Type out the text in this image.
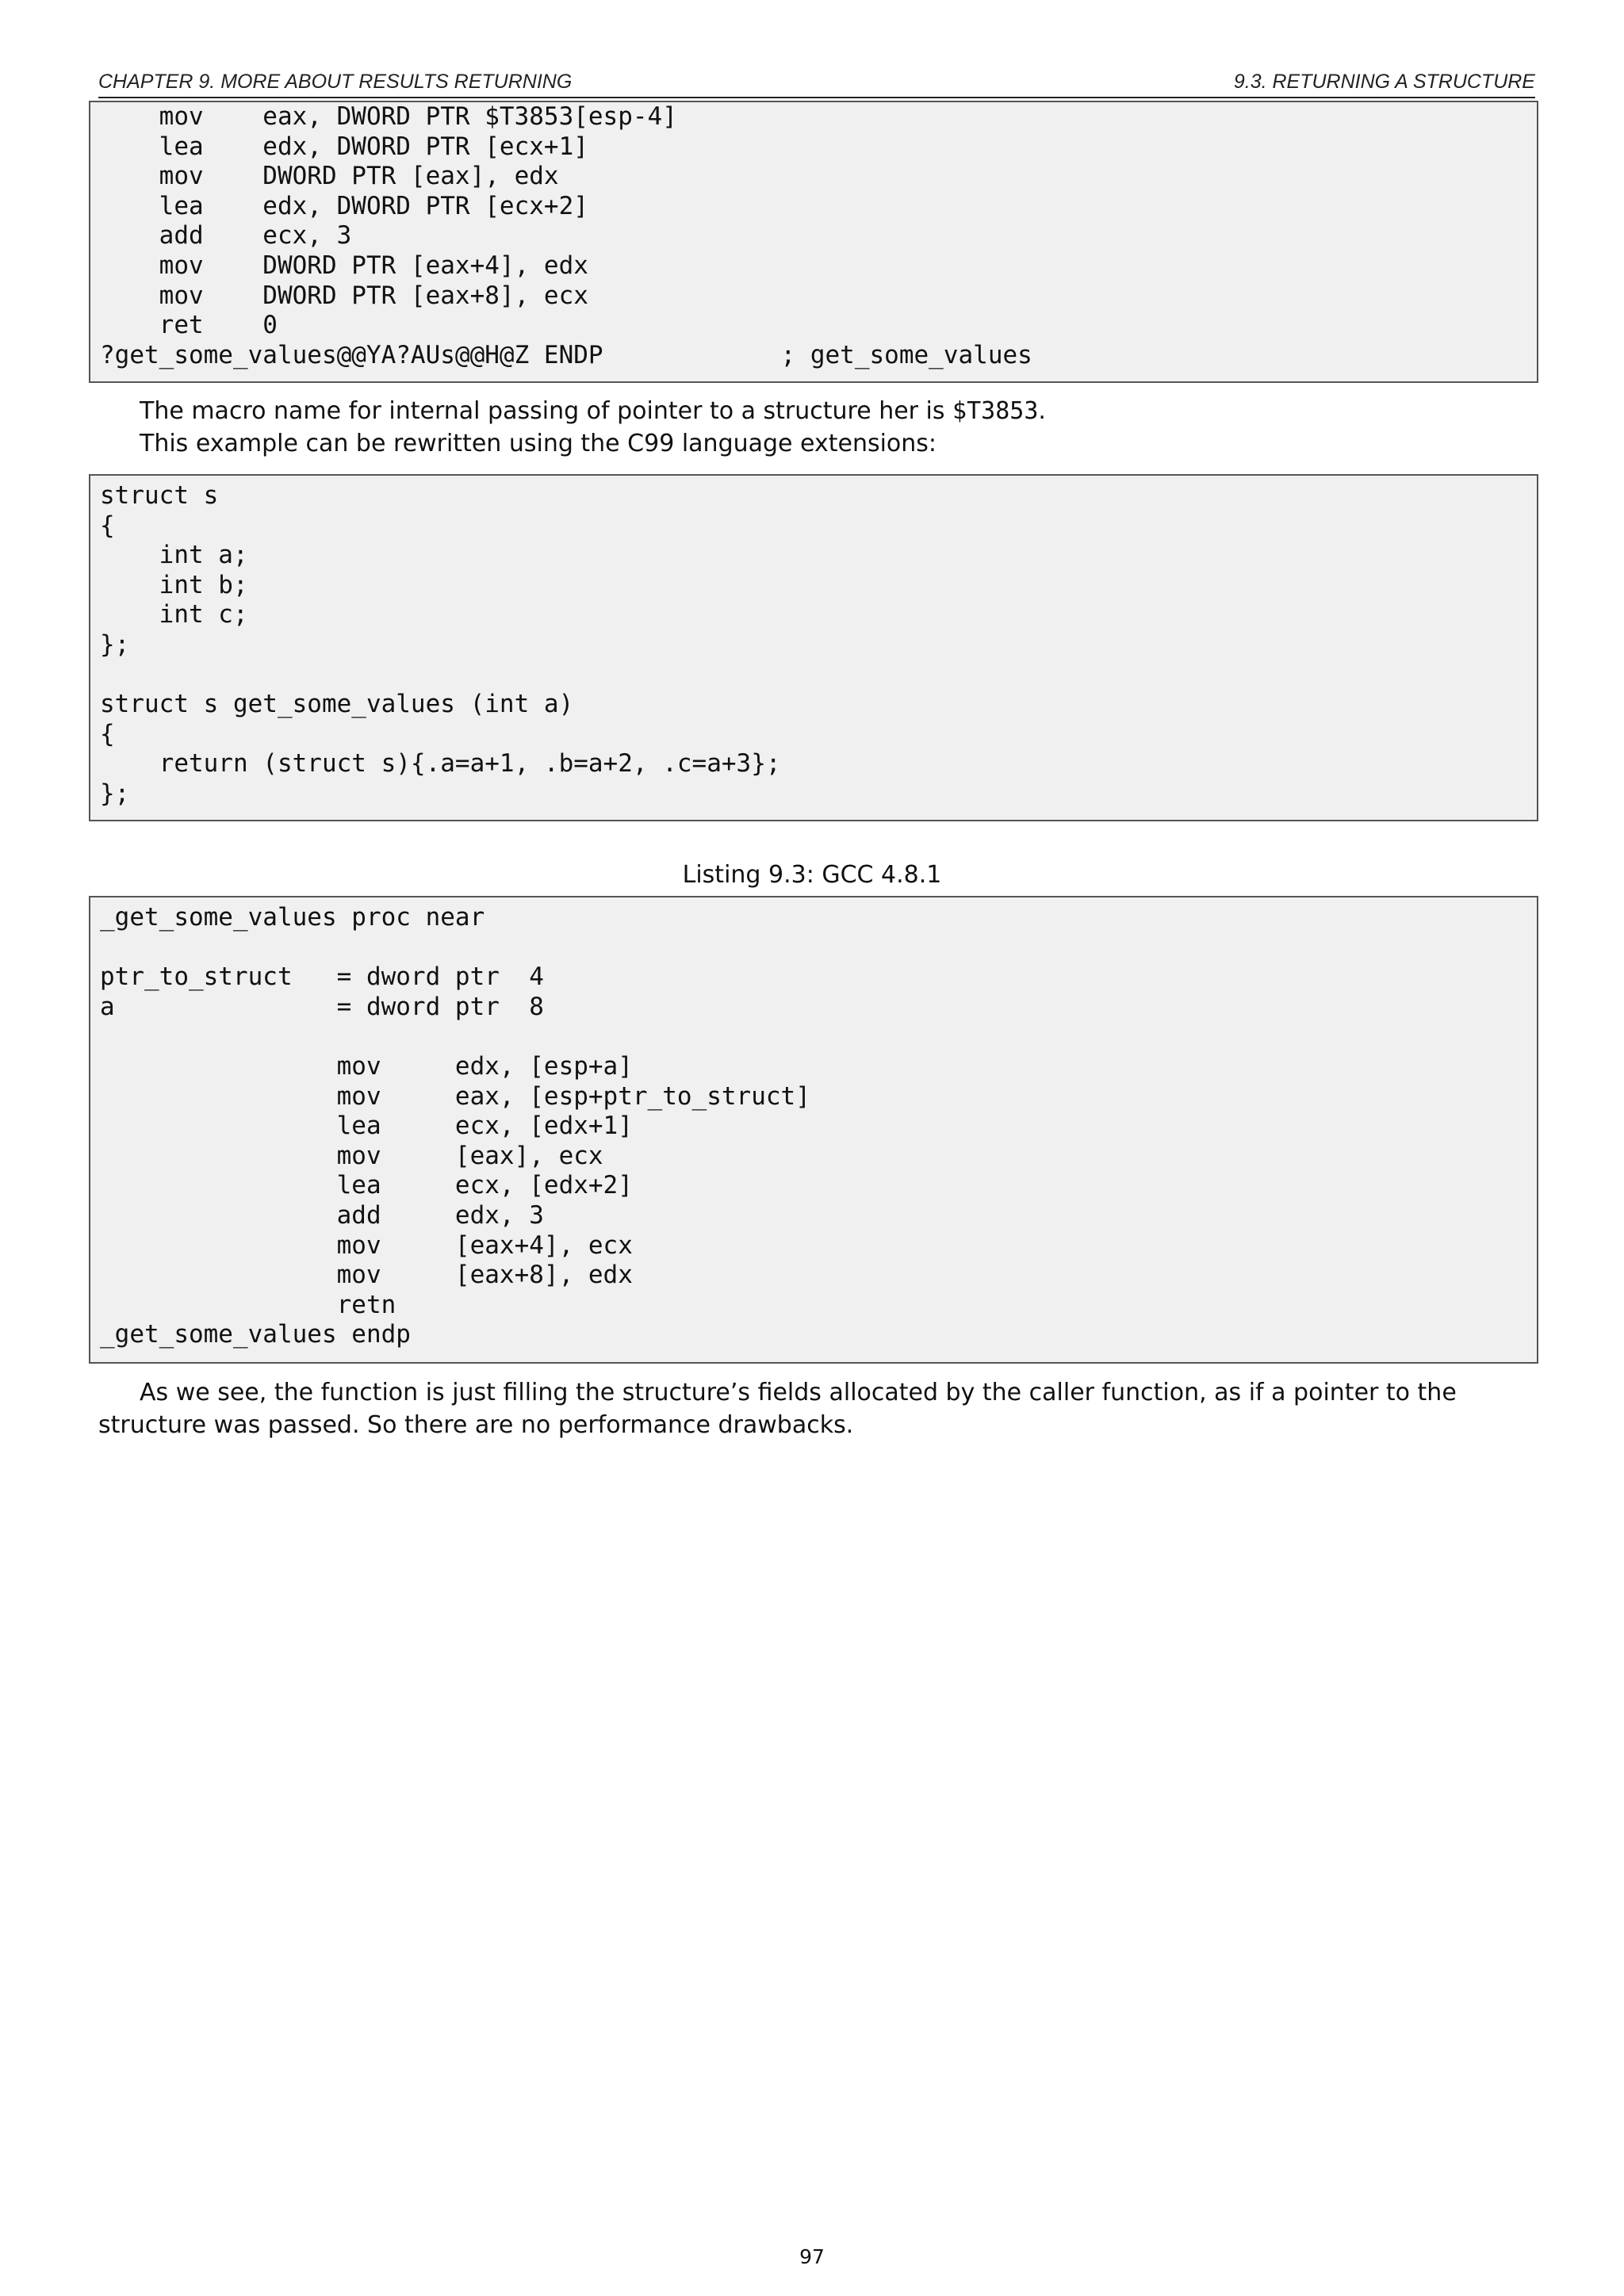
CHAPTER 9. MORE ABOUT RESULTS RETURNING	9.3. RETURNING A STRUCTURE
mov    eax, DWORD PTR $T3853[esp-4]
lea    edx, DWORD PTR [ecx+1]
mov    DWORD PTR [eax], edx
lea    edx, DWORD PTR [ecx+2]
add    ecx, 3
mov    DWORD PTR [eax+4], edx
mov    DWORD PTR [eax+8], ecx
ret    0
?get_some_values@@YA?AUs@@H@Z ENDP            ; get_some_values

The macro name for internal passing of pointer to a structure her is $T3853.

This example can be rewritten using the C99 language extensions:

struct s
{
int a;
int b;
int c;
};
struct s get_some_values (int a)
{
return (struct s){.a=a+1, .b=a+2, .c=a+3};
};
Listing 9.3: GCC 4.8.1
_get_some_values proc near
ptr_to_struct   = dword ptr  4
a               = dword ptr  8
mov     edx, [esp+a]
mov     eax, [esp+ptr_to_struct]
lea     ecx, [edx+1]
mov     [eax], ecx
lea     ecx, [edx+2]
add     edx, 3
mov     [eax+4], ecx
mov     [eax+8], edx
retn
_get_some_values endp

As we see, the function is just filling the structure’s fields allocated by the caller function, as if a pointer to the structure was passed. So there are no performance drawbacks.

97
